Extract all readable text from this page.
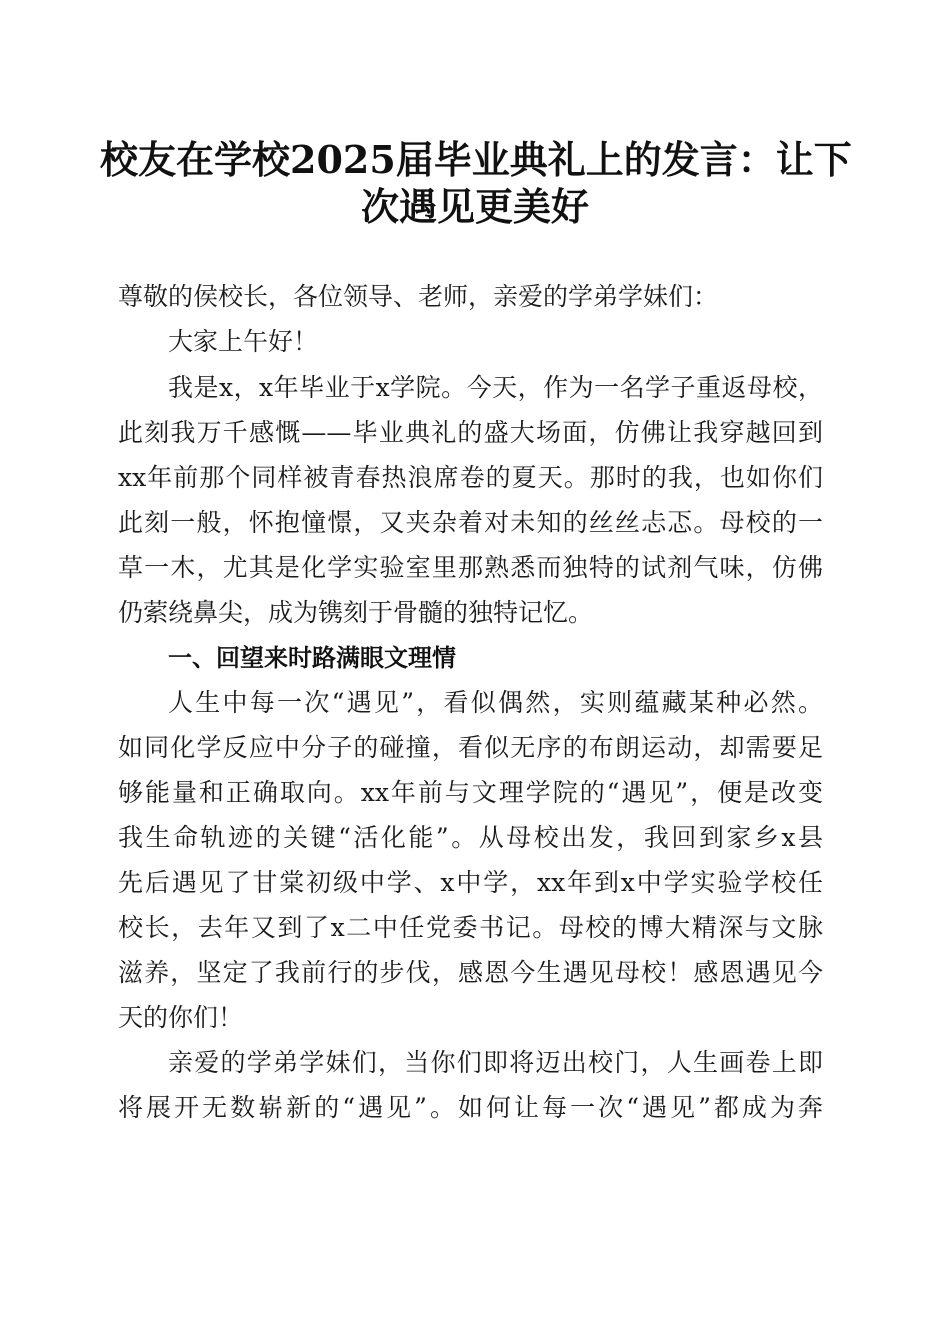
校友在学校2025届毕业典礼上的发言：让下
次遇见更美好
尊敬的侯校长，各位领导、老师，亲爱的学弟学妹们：
大家上午好！
我是x，x年毕业于x学院。今天，作为一名学子重返母校，
此刻我万千感慨——毕业典礼的盛大场面，仿佛让我穿越回到
xx年前那个同样被青春热浪席卷的夏天。那时的我，也如你们
此刻一般，怀抱憧憬，又夹杂着对未知的丝丝忐忑。母校的一
草一木，尤其是化学实验室里那熟悉而独特的试剂气味，仿佛
仍萦绕鼻尖，成为镌刻于骨髓的独特记忆。
一、回望来时路满眼文理情
人生中每一次“遇见”，看似偶然，实则蕴藏某种必然。
如同化学反应中分子的碰撞，看似无序的布朗运动，却需要足
够能量和正确取向。xx年前与文理学院的“遇见”，便是改变
我生命轨迹的关键“活化能”。从母校出发，我回到家乡x县
先后遇见了甘棠初级中学、x中学，xx年到x中学实验学校任
校长，去年又到了x二中任党委书记。母校的博大精深与文脉
滋养，坚定了我前行的步伐，感恩今生遇见母校！感恩遇见今
天的你们！
亲爱的学弟学妹们，当你们即将迈出校门，人生画卷上即
将展开无数崭新的“遇见”。如何让每一次“遇见”都成为奔
